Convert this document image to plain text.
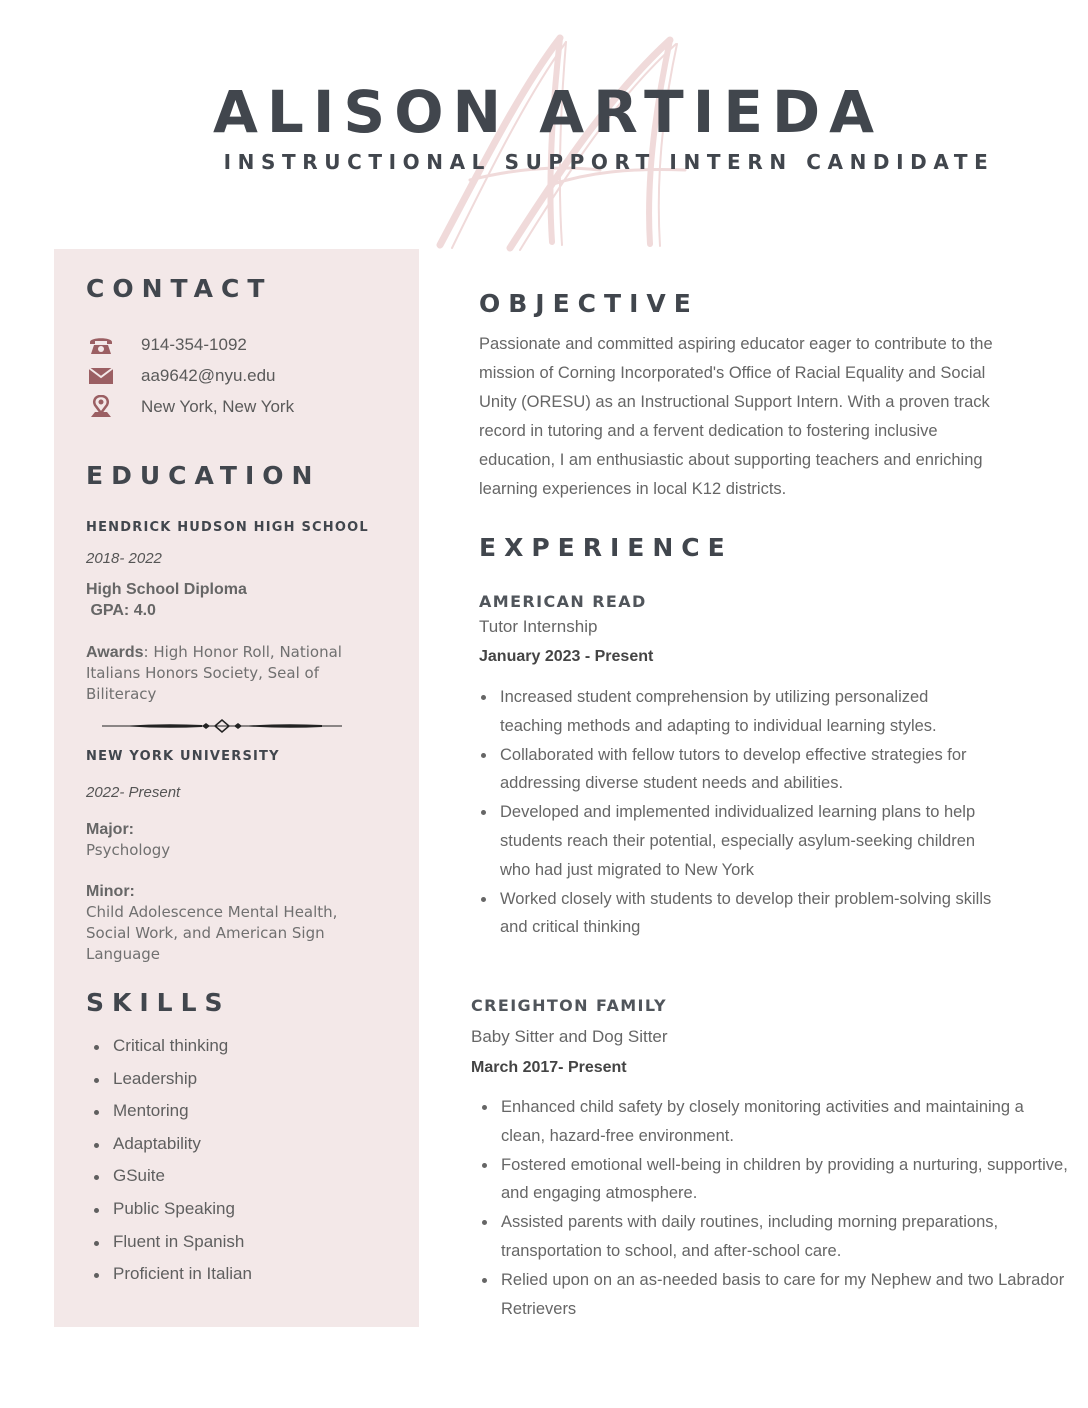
ALISON ARTIEDA
INSTRUCTIONAL SUPPORT INTERN CANDIDATE
CONTACT
914-354-1092
aa9642@nyu.edu
New York, New York
EDUCATION
HENDRICK HUDSON HIGH SCHOOL
2018- 2022
High School Diploma
GPA: 4.0
Awards: High Honor Roll, National Italians Honors Society, Seal of Biliteracy
NEW YORK UNIVERSITY
2022- Present
Major:
Psychology
Minor:
Child Adolescence Mental Health, Social Work, and American Sign Language
SKILLS
Critical thinking
Leadership
Mentoring
Adaptability
GSuite
Public Speaking
Fluent in Spanish
Proficient in Italian
OBJECTIVE

Passionate and committed aspiring educator eager to contribute to the mission of Corning Incorporated's Office of Racial Equality and Social Unity (ORESU) as an Instructional Support Intern. With a proven track record in tutoring and a fervent dedication to fostering inclusive education, I am enthusiastic about supporting teachers and enriching learning experiences in local K12 districts.

EXPERIENCE
AMERICAN READ
Tutor Internship
January 2023 - Present
Increased student comprehension by utilizing personalized teaching methods and adapting to individual learning styles.
Collaborated with fellow tutors to develop effective strategies for addressing diverse student needs and abilities.
Developed and implemented individualized learning plans to help students reach their potential, especially asylum-seeking children who had just migrated to New York
Worked closely with students to develop their problem-solving skills and critical thinking
CREIGHTON FAMILY
Baby Sitter and Dog Sitter
March 2017- Present
Enhanced child safety by closely monitoring activities and maintaining a clean, hazard-free environment.
Fostered emotional well-being in children by providing a nurturing, supportive, and engaging atmosphere.
Assisted parents with daily routines, including morning preparations, transportation to school, and after-school care.
Relied upon on an as-needed basis to care for my Nephew and two Labrador Retrievers
